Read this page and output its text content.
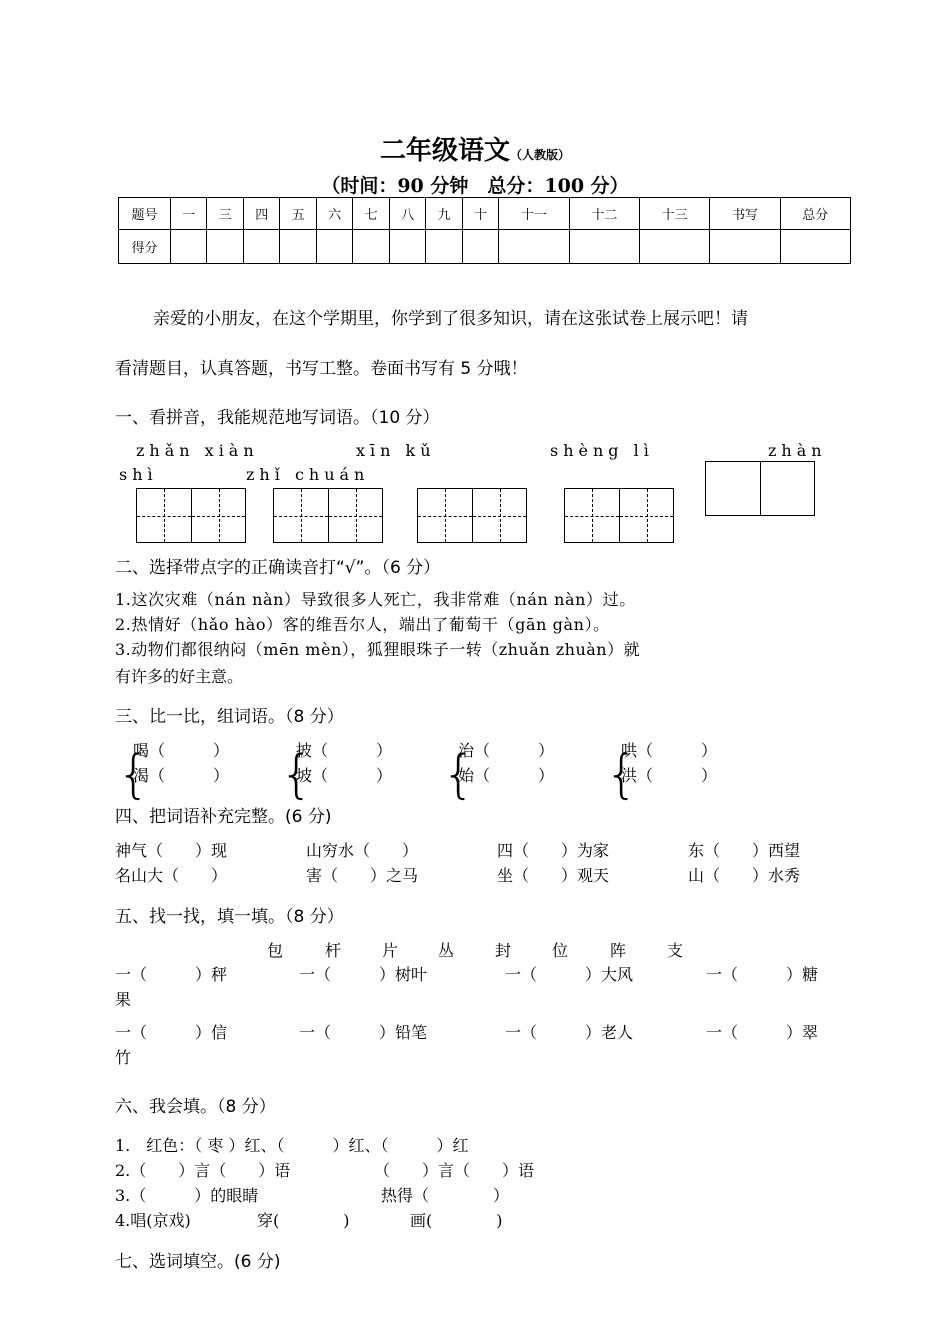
二年级语文（人教版）
（时间：90 分钟　总分：100 分）
题号	一	三	四	五	六	七	八	九	十	十一	十二	十三	书写	总分
得分														
亲爱的小朋友，在这个学期里，你学到了很多知识，请在这张试卷上展示吧！请
看清题目，认真答题，书写工整。卷面书写有 5 分哦！
一、看拼音，我能规范地写词语。（10 分）
zhǎn xiàn	xīn kǔ	shèng lì	zhàn
shì	zhǐ chuán
二、选择带点字的正确读音打“√”。（6 分）
1.这次灾难（nán nàn）导致很多人死亡，我非常难（nán nàn）过。
2.热情好（hǎo hào）客的维吾尔人，端出了葡萄干（gān gàn）。
3.动物们都很纳闷（mēn mèn），狐狸眼珠子一转（zhuǎn zhuàn）就
有许多的好主意。
三、比一比，组词语。（8 分）
{
喝（　　　）
渴（　　　） {
披（　　　）
坡（　　　） {
治（　　　）
始（　　　） {
哄（　　　）
洪（　　　）
四、把词语补充完整。(6 分)
神气（　　）现	山穷水（　　）	四（　　）为家	东（　　）西望
名山大（　　）	害（　　）之马	坐（　　）观天	山（　　）水秀
五、找一找，填一填。（8 分）
包	杆	片 丛	封	位	阵	支
一（　　　）秤	一（　　　）树叶	一（　　　）大风	一（　　　）糖
果
一（　　　）信	一（　　　）铅笔	一（　　　）老人	一（　　　）翠
竹
六、我会填。（8 分）
1.　红色：（ 枣 ）红、（　　　）红、（　　　）红
2.（　　）言（　　）语	（　　）言（　　）语
3.（　　　）的眼睛	热得（　　　　）
4.唱(京戏)	穿(　　　　)	画(　　　　)
七、选词填空。(6 分)
